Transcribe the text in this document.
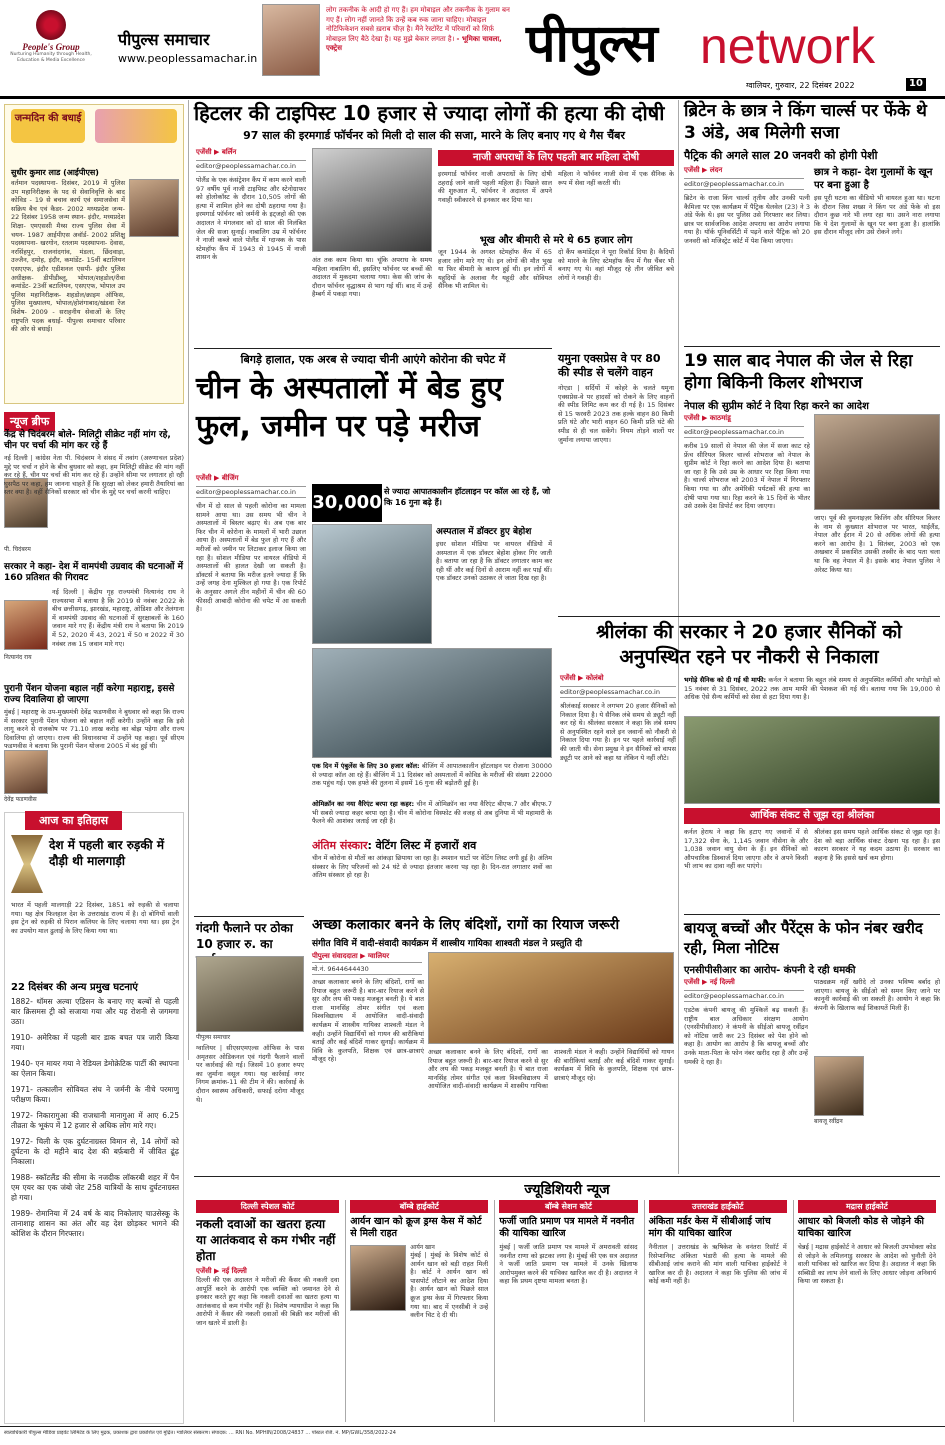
People's Group
Nurturing Humanity through Health, Education & Media Excellence
पीपुल्स समाचार
www.peoplessamachar.in
लोग तकनीक के आदी हो गए हैं। हम मोबाइल और तकनीक के गुलाम बन गए हैं। लोग नहीं जानते कि उन्हें कब रुक जाना चाहिए। मोबाइल नोटिफिकेशन सबसे ख़राब चीज़ है। मैंने रेस्टोरेंट में परिवारों को सिर्फ़ मोबाइल लिए बैठे देखा है। यह मुझे बेकार लगता है। - भूमिका चावला, एक्ट्रेस	पीपुल्स network
ग्वालियर, गुरुवार, 22 दिसंबर 2022	10
जन्मदिन की बधाई
सुधीर कुमार लाड (आईपीएस)

वर्तमान पदस्थापना- दिसंबर, 2019 में पुलिस उप महानिरीक्षक के पद से सेवानिवृत्ति के बाद कोविड - 19 से बचाव कार्य एवं समाजसेवा में सक्रिय बैच एवं कैडर- 2002 मध्यप्रदेश जन्म- 22 दिसंबर 1958 जन्म स्थान- इंदौर, मध्यप्रदेश शिक्षा- एमएससी मैथ्स राज्य पुलिस सेवा में चयन- 1987 आईपीएस अवॉर्ड- 2002 प्रशिक्षु पदस्थापना- खरगोन, रतलाम पदस्थापना- देवास, नरसिंहपुर, राजनांदगांव, मंडला, छिंदवाड़ा, उज्जैन, दमोह, इंदौर, कमांडेंट- 15वीं बटालियन एसएएफ, इंदौर एडीशनल एसपी- इंदौर पुलिस अधीक्षक- डीपीडीब्लू, भोपाल/शहडोल/रीवा कमांडेंट- 23वीं बटालियन, एसएएफ, भोपाल उप पुलिस महानिरीक्षक- शहडोल/क्राइम ऑफिस, पुलिस मुख्यालय, भोपाल/होशंगाबाद/खंडवा रेंज विशेष- 2009 - सराहनीय सेवाओं के लिए राष्ट्रपति पदक बधाई- पीपुल्स समाचार परिवार की ओर से बधाई।

न्यूज ब्रीफ
केंद्र से चिदंबरम बोले- मिलिट्री सीक्रेट नहीं मांग रहे, चीन पर चर्चा की मांग कर रहे हैं

नई दिल्ली | कांग्रेस नेता पी. चिदंबरम ने संसद में तवांग (अरुणाचल प्रदेश) मुद्दे पर चर्चा न होने के बीच बुधवार को कहा, हम मिलिट्री सीक्रेट की मांग नहीं कर रहे हैं, चीन पर चर्चा की मांग कर रहे हैं। उन्होंने सीमा पर लगातार हो रही घुसपैठ पर कहा, हम जानना चाहते हैं कि सुरक्षा को लेकर हमारी तैयारियां का स्तर क्या है। वहीं सैनिकों सरकार को चीन के मुद्दे पर चर्चा करनी चाहिए।

पी. चिदंबरम
सरकार ने कहा- देश में वामपंथी उग्रवाद की घटनाओं में 160 प्रतिशत की गिरावट

नई दिल्ली | केंद्रीय गृह राज्यमंत्री नित्यानंद राय ने राज्यसभा में बताया है कि 2019 से नवंबर 2022 के बीच छत्तीसगढ़, झारखंड, महाराष्ट्र, ओडिशा और तेलंगाना में वामपंथी उग्रवाद की घटनाओं में सुरक्षाबलों के 160 जवान मारे गए हैं। केंद्रीय मंत्री राय ने बताया कि 2019 में 52, 2020 में 43, 2021 में 50 व 2022 में 30 नवंबर तक 15 जवान मारे गए।

नित्यानंद राय
पुरानी पेंशन योजना बहाल नहीं करेगा महाराष्ट्र, इससे राज्य दिवालिया हो जाएगा

मुंबई | महाराष्ट्र के उप-मुख्यमंत्री देवेंद्र फडणवीस ने बुधवार को कहा कि राज्य में सरकार पुरानी पेंशन योजना को बहाल नहीं करेगी। उन्होंने कहा कि इसे लागू करने से राजकोष पर 71.10 लाख करोड़ का बोझ पड़ेगा और राज्य दिवालिया हो जाएगा। राज्य की विधानसभा में उन्होंने यह कहा। पूर्व सीएम फडणवीस ने बताया कि पुरानी पेंशन योजना 2005 में बंद हुई थी।

देवेंद्र फडणवीस
आज का इतिहास
देश में पहली बार रुड़की में दौड़ी थी मालगाड़ी

भारत में पहली मालगाड़ी 22 दिसंबर, 1851 को रुड़की से चलाया गया। यह क्षेत्र फिलहाल देश के उत्तराखंड राज्य में है। दो बोगियों वाली इस ट्रेन को रुड़की से पिरान कलियर के लिए चलाया गया था। इस ट्रेन का उपयोग माल ढुलाई के लिए किया गया था।

22 दिसंबर की अन्य प्रमुख घटनाएं

1882- थॉमस अल्वा एडिसन के बनाए गए बल्बों से पहली बार क्रिसमस ट्री को सजाया गया और यह रोशनी से जगमगा उठा।

1910- अमेरिका में पहली बार डाक बचत पत्र जारी किया गया।

1940- एन मायर गया ने रेडियल डेमोक्रेटिक पार्टी की स्थापना का ऐलान किया।

1971- तत्कालीन सोवियत संघ ने जर्मनी के नीचे परमाणु परीक्षण किया।

1972- निकारागुआ की राजधानी मानागुआ में आए 6.25 तीव्रता के भूकंप में 12 हजार से अधिक लोग मारे गए।

1972- चिली के एक दुर्घटनाग्रस्त विमान से, 14 लोगों को दुर्घटना के दो महीने बाद देश की बर्फ़बारी में जीवित ढूंढ़ निकाला।

1988- स्कॉटलैंड की सीमा के नजदीक लॉकरबी शहर में पैन एम एयर का एक जंबो जेट 258 यात्रियों के साथ दुर्घटनाग्रस्त हो गया।

1989- रोमानिया में 24 वर्ष के बाद निकोलाए चाउसेस्कू के तानाशाह शासन का अंत और वह देश छोड़कर भागने की कोशिश के दौरान गिरफ्तार।

हिटलर की टाइपिस्ट 10 हजार से ज्यादा लोगों की हत्या की दोषी
97 साल की इरमगार्ड फॉर्चनर को मिली दो साल की सजा, मारने के लिए बनाए गए थे गैस चैंबर
एजेंसी ▶ बर्लिन
editor@peoplessamachar.co.in

पोलैंड के एक कंसंट्रेशन कैंप में काम करने वाली 97 वर्षीय पूर्व नाजी टाइपिस्ट और स्टेनोग्राफर को होलोकॉस्ट के दौरान 10,505 लोगों की हत्या में शामिल होने का दोषी ठहराया गया है। इरमगार्ड फॉर्चनर को जर्मनी के इट्जहो की एक अदालत ने मंगलवार को दो साल की निलंबित जेल की सजा सुनाई। नाबालिग उम्र में फॉर्चनर ने नाजी कब्जे वाले पोलैंड में ग्दान्स्क के पास स्टेमहॉफ कैंप में 1943 से 1945 में नाजी शासन के	अंत तक काम किया था। चूंकि अपराध के समय महिला नाबालिग थी, इसलिए फॉर्चनर पर बच्चों की अदालत में मुकदमा चलाया गया। केस की जांच के दौरान फॉर्चनर वृद्धाश्रम से भाग गई थीं। बाद में उन्हें हैम्बर्ग में पकड़ा गया।

नाजी अपराधों के लिए पहली बार महिला दोषी

इरमगार्ड फॉर्चनर नाजी अपराधों के लिए दोषी ठहराई जाने वाली पहली महिला हैं। पिछले साल की शुरुआत में, फॉर्चनर ने अदालत में अपने गवाही स्वीकारने से इनकार कर दिया था।

महिला ने फॉर्चनर नाजी सेना में एक सैनिक के रूप में सेवा नहीं करती थी।

भूख और बीमारी से मरे थे 65 हजार लोग

जून 1944 के अगस्त स्टेमहॉफ कैंप में 65 हजार लोग मारे गए थे। इन लोगों की मौत भूख या फिर बीमारी के कारण हुई थी। इन लोगों में यहूदियों के अलावा गैर यहूदी और सोवियत सैनिक भी शामिल थे।

दो कैंप कमांडेंट्स ने पूरा रिकॉर्ड दिया है। कैदियों को मारने के लिए स्टेमहॉफ कैंप में गैस चैंबर भी बनाए गए थे। वहां मौजूद रहे तीन जीवित बचे लोगों ने गवाही दी।

यमुना एक्सप्रेस वे पर 80 की स्पीड से चलेंगे वाहन

नोएडा | सर्दियों में कोहरे के चलते यमुना एक्सप्रेस-वे पर हादसों को रोकने के लिए वाहनों की स्पीड लिमिट कम कर दी गई है। 15 दिसंबर से 15 फरवरी 2023 तक हल्के वाहन 80 किमी प्रति घंटे और भारी वाहन 60 किमी प्रति घंटे की स्पीड से ही चल सकेंगे। नियम तोड़ने वालों पर जुर्माना लगाया जाएगा।

बिगड़े हालात, एक अरब से ज्यादा चीनी आएंगे कोरोना की चपेट में
चीन के अस्पतालों में बेड हुए फुल, जमीन पर पड़े मरीज
एजेंसी ▶ बीजिंग
editor@peoplessamachar.co.in

चीन में दो साल से पहली कोरोना का मामला सामने आया था। उस समय भी चीन ने अस्पतालों में बिस्तर बढ़ाए थे। अब एक बार फिर चीन में कोरोना के मामलों में भारी उछाल आया है। अस्पतालों में बेड फुल हो गए हैं और मरीजों को जमीन पर लिटाकर इलाज किया जा रहा है। सोशल मीडिया पर वायरल वीडियो में अस्पतालों की हालत देखी जा सकती है। डॉक्टर्स ने बताया कि मरीज इतने ज्यादा हैं कि उन्हें जगह देना मुश्किल हो गया है। एक रिपोर्ट के अनुसार अगले तीन महीनों में चीन की 60 फीसदी आबादी कोरोना की चपेट में आ सकती है।

30,000
से ज्यादा आपातकालीन हॉटलाइन पर कॉल आ रहे हैं, जो कि 16 गुना बढ़े हैं।
अस्पताल में डॉक्टर हुए बेहोश

इधर सोशल मीडिया पर वायरल वीडियो में अस्पताल में एक डॉक्टर बेहोश होकर गिर जाती है। बताया जा रहा है कि डॉक्टर लगातार काम कर रही थीं और कई दिनों से आराम नहीं कर पाई थीं। एक डॉक्टर उनको उठाकर ले जाता दिख रहा है।

एक दिन में एंबुलेंस के लिए 30 हजार कॉल: बीजिंग में आपातकालीन हॉटलाइन पर रोजाना 30000 से ज्यादा कॉल आ रहे हैं। बीजिंग में 11 दिसंबर को अस्पतालों में कोविड के मरीजों की संख्या 22000 तक पहुंच गई। एक हफ्ते की तुलना में इसमें 16 गुना की बढ़ोतरी हुई है।

ओमिक्रॉन का नया वैरिएंट बरपा रहा कहर: चीन में ओमिक्रॉन का नया वैरिएंट बीएफ.7 और बीएफ.7 भी सबसे ज्यादा कहर बरपा रहा है। चीन में कोरोना विस्फोट की वजह से अब दुनिया में भी महामारी के फैलने की आशंका जताई जा रही है।

अंतिम संस्कार: वेटिंग लिस्ट में हजारों शव

चीन में कोरोना से मौतों का आंकड़ा छिपाया जा रहा है। श्मशान घाटों पर वेटिंग लिस्ट लगी हुई है। अंतिम संस्कार के लिए परिजनों को 24 घंटे से ज्यादा इंतजार करना पड़ रहा है। दिन-रात लगातार शवों का अंतिम संस्कार हो रहा है।

गंदगी फैलाने पर ठोका 10 हजार रु. का
पीपुल्स समाचार

ग्वालियर | सीएसएमएल्स ऑफिस के पास अमृतसर ओडिकनल एवं गंदगी फैलाने वालों पर कार्रवाई की गई। जिसमें 10 हजार रुपए का जुर्माना वसूल गया। यह कार्रवाई नगर निगम क्रमांक-11 की टीम ने की। कार्रवाई के दौरान स्वास्थ्य अधिकारी, सफाई दरोगा मौजूद थे।

अच्छा कलाकार बनने के लिए बंदिशों, रागों का रियाज जरूरी
संगीत विवि में वादी-संवादी कार्यक्रम में शास्त्रीय गायिका शाश्वती मंडल ने प्रस्तुति दी
पीपुल्स संवाददाता ▶ ग्वालियर
मो.नं. 9644644430

अच्छा कलाकार बनने के लिए बंदिशों, रागों का रियाज बहुत जरूरी है। बार-बार रियाज करने से सुर और लय की पकड़ मजबूत बनती है। ये बात राजा मानसिंह तोमर संगीत एवं कला विश्वविद्यालय में आयोजित वादी-संवादी कार्यक्रम में शास्त्रीय गायिका शाश्वती मंडल ने कही। उन्होंने विद्यार्थियों को गायन की बारीकियां बताईं और कई बंदिशें गाकर सुनाईं। कार्यक्रम में विवि के कुलपति, शिक्षक एवं छात्र-छात्राएं मौजूद रहे।

अच्छा कलाकार बनने के लिए बंदिशों, रागों का रियाज बहुत जरूरी है। बार-बार रियाज करने से सुर और लय की पकड़ मजबूत बनती है। ये बात राजा मानसिंह तोमर संगीत एवं कला विश्वविद्यालय में आयोजित वादी-संवादी कार्यक्रम में शास्त्रीय गायिका शाश्वती मंडल ने कही। उन्होंने विद्यार्थियों को गायन की बारीकियां बताईं और कई बंदिशें गाकर सुनाईं। कार्यक्रम में विवि के कुलपति, शिक्षक एवं छात्र-छात्राएं मौजूद रहे।

ब्रिटेन के छात्र ने किंग चार्ल्स पर फेंके थे 3 अंडे, अब मिलेगी सजा
पैट्रिक की अगले साल 20 जनवरी को होगी पेशी
एजेंसी ▶ लंदन
editor@peoplessamachar.co.in

ब्रिटेन के राजा किंग चार्ल्स तृतीय और उनकी पत्नी कैमिला पर एक कार्यक्रम में पैट्रिक थेलवेल (23) ने 3 अंडे फेंके थे। इस पर पुलिस उसे गिरफ्तार कर लिया। छात्र पर सार्वजनिक आदेश अपराध का आरोप लगाया गया है। यॉर्क यूनिवर्सिटी में पढ़ने वाले पैट्रिक को 20 जनवरी को मजिस्ट्रेट कोर्ट में पेश किया जाएगा।

छात्र ने कहा- देश गुलामों के खून पर बना हुआ है

इस पूरी घटना का वीडियो भी वायरल हुआ था। घटना के दौरान जिस शख्स ने किंग पर अंडे फेंके वो इस दौरान कुछ नारे भी लगा रहा था। उसने नारा लगाया कि ये देश गुलामों के खून पर बना हुआ है। हालांकि इस दौरान मौजूद लोग उसे रोकने लगे।

19 साल बाद नेपाल की जेल से रिहा होगा बिकिनी किलर शोभराज
नेपाल की सुप्रीम कोर्ट ने दिया रिहा करने का आदेश
एजेंसी ▶ काठमांडू
editor@peoplessamachar.co.in

करीब 19 सालों से नेपाल की जेल में सजा काट रहे फ्रेंच सीरियल किलर चार्ल्स शोभराज को नेपाल के सुप्रीम कोर्ट ने रिहा करने का आदेश दिया है। बताया जा रहा है कि उसे उम्र के आधार पर रिहा किया गया है। चार्ल्स शोभराज को 2003 में नेपाल में गिरफ्तार किया गया था और अमेरिकी पर्यटकों की हत्या का दोषी पाया गया था। रिहा करने के 15 दिनों के भीतर उसे उसके देश डिपोर्ट कर दिया जाएगा।

जाए। पूर्व की वुमनाइज़र किलिंग और सीरियल किलर के नाम से कुख्यात शोभराज पर भारत, थाईलैंड, नेपाल और ईरान में 20 से अधिक लोगों की हत्या करने का आरोप है। 1 सितंबर, 2003 को एक अखबार में प्रकाशित उसकी तस्वीर के बाद पता चला था कि वह नेपाल में है। इसके बाद नेपाल पुलिस ने अरेस्ट किया था।

श्रीलंका की सरकार ने 20 हजार सैनिकों को अनुपस्थित रहने पर नौकरी से निकाला
एजेंसी ▶ कोलंबो
editor@peoplessamachar.co.in

श्रीलंकाई सरकार ने लगभग 20 हजार सैनिकों को निकाल दिया है। ये सैनिक लंबे समय से ड्यूटी नहीं कर रहे थे। श्रीलंका सरकार ने कहा कि लंबे समय से अनुपस्थित रहने वाले इन जवानों को नौकरी से निकाल दिया गया है। इन पर पहले कार्रवाई नहीं की जाती थी। सेना प्रमुख ने इन सैनिकों को वापस ड्यूटी पर आने को कहा था लेकिन ये नहीं लौटे।

भगोड़े सैनिक को दी गई थी माफी: कर्नल ने बताया कि बहुत लंबे समय से अनुपस्थित कर्मियों और भगोड़ों को 15 नवंबर से 31 दिसंबर, 2022 तक आम माफी की पेशकश की गई थी। बताया गया कि 19,000 से अधिक ऐसे सैन्य कर्मियों को सेवा से हटा दिया गया है।

आर्थिक संकट से जूझ रहा श्रीलंका

कर्नल हेराथ ने कहा कि हटाए गए जवानों में से 17,322 सेना के, 1,145 जवान नौसेना के और 1,038 जवान वायु सेना के हैं। इन सैनिकों को औपचारिक डिस्चार्ज दिया जाएगा और वे अपने किसी भी लाभ का दावा नहीं कर पाएंगे।

श्रीलंका इस समय पहले आर्थिक संकट से जूझ रहा है। देश को बड़ा आर्थिक संकट देखना पड़ रहा है। इस कारण सरकार ने यह कदम उठाया है। सरकार का कहना है कि इससे खर्च कम होगा।

बायजू बच्चों और पैरेंट्स के फोन नंबर खरीद रही, मिला नोटिस
एनसीपीसीआर का आरोप- कंपनी दे रही धमकी
एजेंसी ▶ नई दिल्ली
editor@peoplessamachar.co.in

एडटेक कंपनी बायजू की मुश्किलें बढ़ सकती हैं। राष्ट्रीय बाल अधिकार संरक्षण आयोग (एनसीपीसीआर) ने कंपनी के सीईओ बायजू रवींद्रन को नोटिस जारी कर 23 दिसंबर को पेश होने को कहा है। आयोग का आरोप है कि बायजू बच्चों और उनके माता-पिता के फोन नंबर खरीद रहा है और उन्हें धमकी दे रहा है।

पाठ्यक्रम नहीं खरीदे तो उनका भविष्य बर्बाद हो जाएगा। बायजू के सीईओ को समन किए जाने पर कानूनी कार्रवाई की जा सकती है। आयोग ने कहा कि कंपनी के खिलाफ कई शिकायतें मिली हैं।

बायजू रवींद्रन
ज्यूडिशियरी न्यूज
दिल्ली स्पेशल कोर्ट
नकली दवाओं का खतरा हत्या या आतंकवाद से कम गंभीर नहीं होता
एजेंसी ▶ नई दिल्ली

दिल्ली की एक अदालत ने मरीजों की कैंसर की नकली दवा आपूर्ति करने के आरोपी एक व्यक्ति को जमानत देने से इनकार करते हुए कहा कि नकली दवाओं का खतरा हत्या या आतंकवाद से कम गंभीर नहीं है। विशेष न्यायाधीश ने कहा कि आरोपी ने कैंसर की नकली दवाओं की बिक्री कर मरीजों की जान खतरे में डाली है।

बॉम्बे हाईकोर्ट
आर्यन खान को क्रूज ड्रग्स केस में कोर्ट से मिली राहत
आर्यन खान

मुंबई | मुंबई के विशेष कोर्ट से आर्यन खान को बड़ी राहत मिली है। कोर्ट ने आर्यन खान को पासपोर्ट लौटाने का आदेश दिया है। आर्यन खान को पिछले साल क्रूज ड्रग्स केस में गिरफ्तार किया गया था। बाद में एनसीबी ने उन्हें क्लीन चिट दे दी थी।

बॉम्बे सेशन कोर्ट
फर्जी जाति प्रमाण पत्र मामले में नवनीत की याचिका खारिज

मुंबई | फर्जी जाति प्रमाण पत्र मामले में अमरावती सांसद नवनीत राणा को झटका लगा है। मुंबई की एक सत्र अदालत ने फर्जी जाति प्रमाण पत्र मामले में उनके खिलाफ आरोपमुक्त करने की याचिका खारिज कर दी है। अदालत ने कहा कि प्रथम दृष्टया मामला बनता है।

उत्तराखंड हाईकोर्ट
अंकिता मर्डर केस में सीबीआई जांच मांग की याचिका खारिज

नैनीताल | उत्तराखंड के ऋषिकेश के वनंतरा रिसॉर्ट में रिसेप्शनिस्ट अंकिता भंडारी की हत्या के मामले की सीबीआई जांच कराने की मांग वाली याचिका हाईकोर्ट ने खारिज कर दी है। अदालत ने कहा कि पुलिस की जांच में कोई कमी नहीं है।

मद्रास हाईकोर्ट
आधार को बिजली कोड से जोड़ने की याचिका खारिज

चेन्नई | मद्रास हाईकोर्ट ने आधार को बिजली उपभोक्ता कोड से जोड़ने के तमिलनाडु सरकार के आदेश को चुनौती देने वाली याचिका को खारिज कर दिया है। अदालत ने कहा कि सब्सिडी का लाभ लेने वालों के लिए आधार जोड़ना अनिवार्य किया जा सकता है।

स्वत्वाधिकारी पीपुल्स मीडिया प्राइवेट लिमिटेड के लिए मुद्रक, प्रकाशक द्वारा प्रकाशित एवं मुद्रित। ग्वालियर संस्करण। संपादक: ... RNI No. MPHIN/2008/24837 ... पोस्टल रजि. नं. MP/GWL/358/2022-24
